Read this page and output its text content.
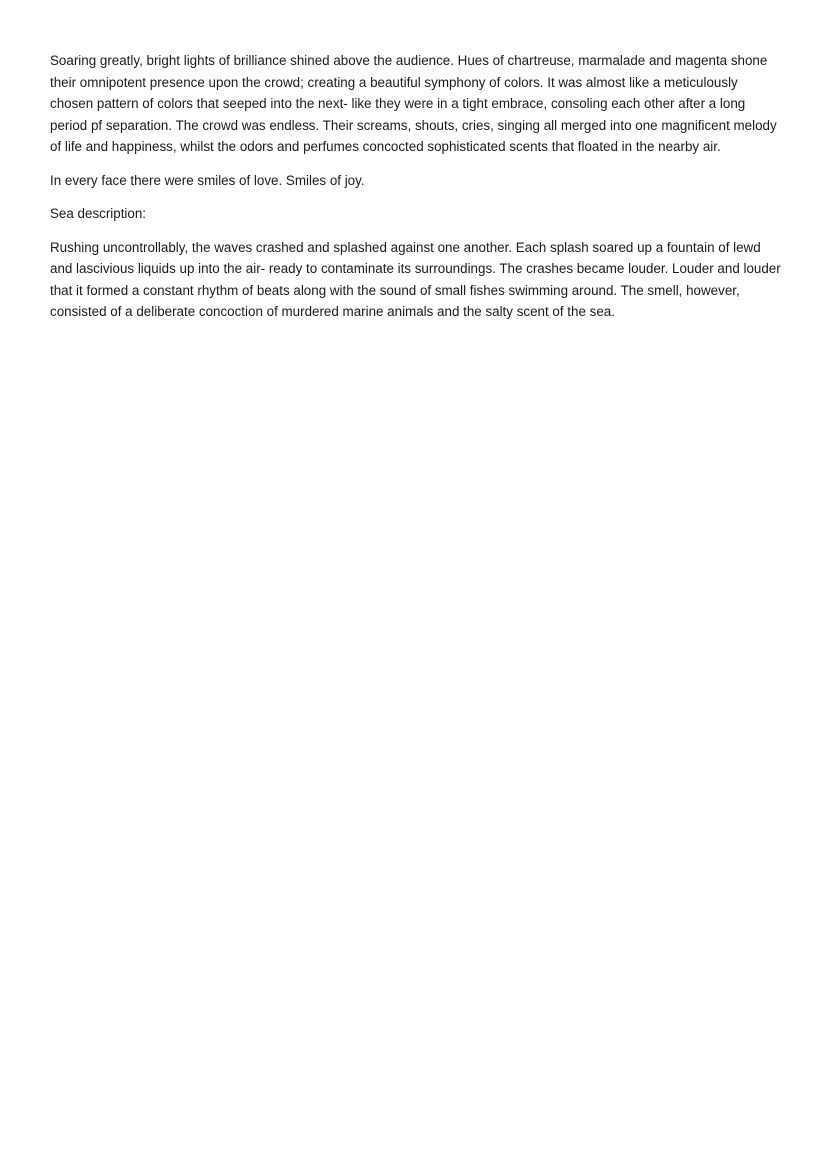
Soaring greatly, bright lights of brilliance shined above the audience. Hues of chartreuse, marmalade and magenta shone their omnipotent presence upon the crowd; creating a beautiful symphony of colors. It was almost like a meticulously chosen pattern of colors that seeped into the next- like they were in a tight embrace, consoling each other after a long period pf separation. The crowd was endless. Their screams, shouts, cries, singing all merged into one magnificent melody of life and happiness, whilst the odors and perfumes concocted sophisticated scents that floated in the nearby air.

In every face there were smiles of love. Smiles of joy.

Sea description:

Rushing uncontrollably, the waves crashed and splashed against one another. Each splash soared up a fountain of lewd and lascivious liquids up into the air- ready to contaminate its surroundings. The crashes became louder. Louder and louder that it formed a constant rhythm of beats along with the sound of small fishes swimming around. The smell, however, consisted of a deliberate concoction of murdered marine animals and the salty scent of the sea.
